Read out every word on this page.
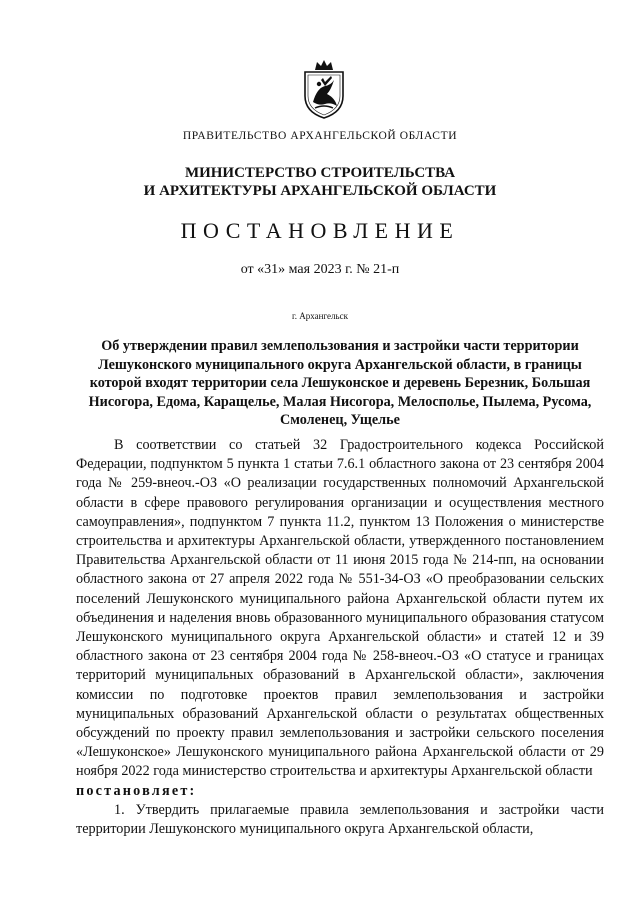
ПРАВИТЕЛЬСТВО АРХАНГЕЛЬСКОЙ ОБЛАСТИ
МИНИСТЕРСТВО СТРОИТЕЛЬСТВА
И АРХИТЕКТУРЫ АРХАНГЕЛЬСКОЙ ОБЛАСТИ
ПОСТАНОВЛЕНИЕ
от «31» мая 2023 г. № 21-п
г. Архангельск
Об утверждении правил землепользования и застройки части территории Лешуконского муниципального округа Архангельской области, в границы которой входят территории села Лешуконское и деревень Березник, Большая Нисогора, Едома, Каращелье, Малая Нисогора, Мелосполье, Пылема, Русома, Смоленец, Ущелье

В соответствии со статьей 32 Градостроительного кодекса Российской Федерации, подпунктом 5 пункта 1 статьи 7.6.1 областного закона от 23 сентября 2004 года № 259-внеоч.-ОЗ «О реализации государственных полномочий Архангельской области в сфере правового регулирования организации и осуществления местного самоуправления», подпунктом 7 пункта 11.2, пунктом 13 Положения о министерстве строительства и архитектуры Архангельской области, утвержденного постановлением Правительства Архангельской области от 11 июня 2015 года № 214-пп, на основании областного закона от 27 апреля 2022 года № 551-34-ОЗ «О преобразовании сельских поселений Лешуконского муниципального района Архангельской области путем их объединения и наделения вновь образованного муниципального образования статусом Лешуконского муниципального округа Архангельской области» и статей 12 и 39 областного закона от 23 сентября 2004 года № 258-внеоч.-ОЗ «О статусе и границах территорий муниципальных образований в Архангельской области», заключения комиссии по подготовке проектов правил землепользования и застройки муниципальных образований Архангельской области о результатах общественных обсуждений по проекту правил землепользования и застройки сельского поселения «Лешуконское» Лешуконского муниципального района Архангельской области от 29 ноября 2022 года министерство строительства и архитектуры Архангельской области

постановляет:

1. Утвердить прилагаемые правила землепользования и застройки части территории Лешуконского муниципального округа Архангельской области,
